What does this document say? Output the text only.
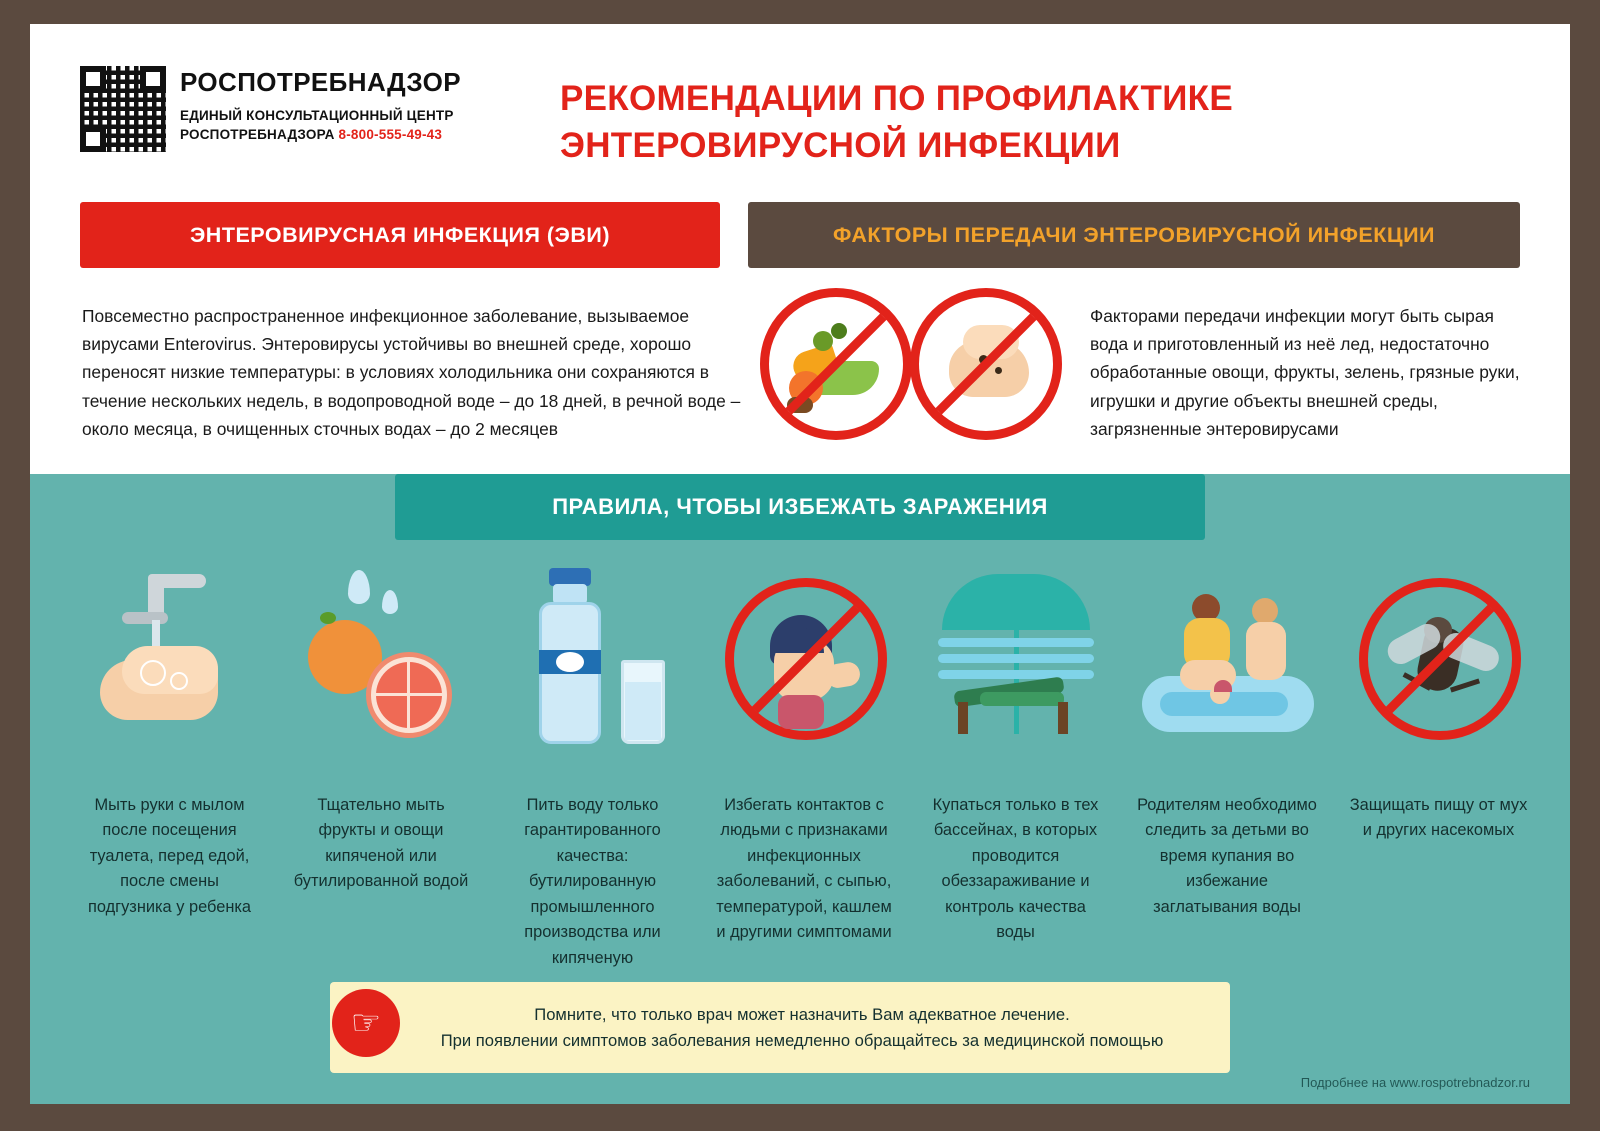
РОСПОТРЕБНАДЗОР
ЕДИНЫЙ КОНСУЛЬТАЦИОННЫЙ ЦЕНТР
РОСПОТРЕБНАДЗОРА 8-800-555-49-43
РЕКОМЕНДАЦИИ ПО ПРОФИЛАКТИКЕ
ЭНТЕРОВИРУСНОЙ ИНФЕКЦИИ
ЭНТЕРОВИРУСНАЯ ИНФЕКЦИЯ (ЭВИ)	ФАКТОРЫ ПЕРЕДАЧИ ЭНТЕРОВИРУСНОЙ ИНФЕКЦИИ
Повсеместно распространенное инфекционное заболевание, вызываемое вирусами Enterovirus. Энтеровирусы устойчивы во внешней среде, хорошо переносят низкие температуры: в условиях холодильника они сохраняются в течение нескольких недель, в водопроводной воде – до 18 дней, в речной воде – около месяца, в очищенных сточных водах – до 2 месяцев
Факторами передачи инфекции могут быть сырая вода и приготовленный из неё лед, недостаточно обработанные овощи, фрукты, зелень, грязные руки, игрушки и другие объекты внешней среды, загрязненные энтеровирусами
ПРАВИЛА, ЧТОБЫ ИЗБЕЖАТЬ ЗАРАЖЕНИЯ
Мыть руки с мылом после посещения туалета, перед едой, после смены подгузника у ребенка
Тщательно мыть фрукты и овощи кипяченой или бутилированной водой
Пить воду только гарантированного качества: бутилированную промышленного производства или кипяченую
Избегать контактов с людьми с признаками инфекционных заболеваний, с сыпью, температурой, кашлем и другими симптомами
Купаться только в тех бассейнах, в которых проводится обеззараживание и контроль качества воды
Родителям необходимо следить за детьми во время купания во избежание заглатывания воды
Защищать пищу от мух и других насекомых
Помните, что только врач может назначить Вам адекватное лечение.
При появлении симптомов заболевания немедленно обращайтесь за медицинской помощью
☞
Подробнее на www.rospotrebnadzor.ru
